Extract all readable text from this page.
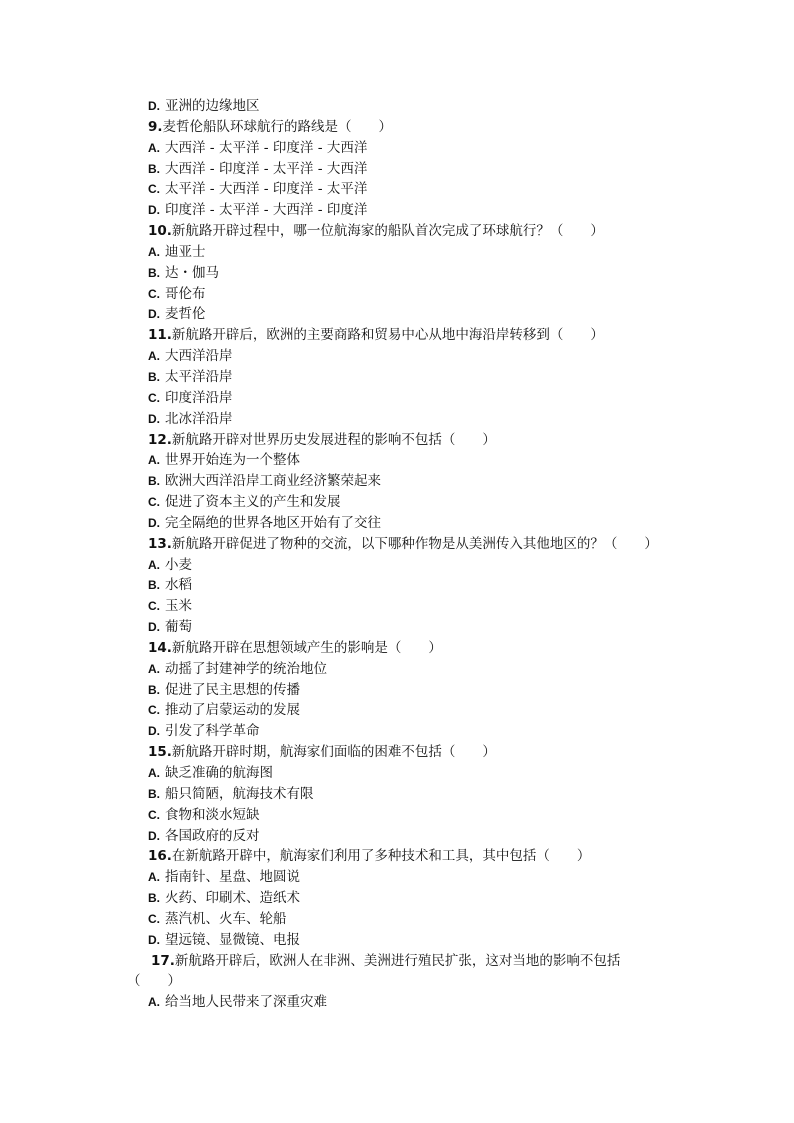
D. 亚洲的边缘地区
9.麦哲伦船队环球航行的路线是（　　）
A. 大西洋 - 太平洋 - 印度洋 - 大西洋
B. 大西洋 - 印度洋 - 太平洋 - 大西洋
C. 太平洋 - 大西洋 - 印度洋 - 太平洋
D. 印度洋 - 太平洋 - 大西洋 - 印度洋
10.新航路开辟过程中，哪一位航海家的船队首次完成了环球航行？（　　）
A. 迪亚士
B. 达・伽马
C. 哥伦布
D. 麦哲伦
11.新航路开辟后，欧洲的主要商路和贸易中心从地中海沿岸转移到（　　）
A. 大西洋沿岸
B. 太平洋沿岸
C. 印度洋沿岸
D. 北冰洋沿岸
12.新航路开辟对世界历史发展进程的影响不包括（　　）
A. 世界开始连为一个整体
B. 欧洲大西洋沿岸工商业经济繁荣起来
C. 促进了资本主义的产生和发展
D. 完全隔绝的世界各地区开始有了交往
13.新航路开辟促进了物种的交流，以下哪种作物是从美洲传入其他地区的？（　　）
A. 小麦
B. 水稻
C. 玉米
D. 葡萄
14.新航路开辟在思想领域产生的影响是（　　）
A. 动摇了封建神学的统治地位
B. 促进了民主思想的传播
C. 推动了启蒙运动的发展
D. 引发了科学革命
15.新航路开辟时期，航海家们面临的困难不包括（　　）
A. 缺乏准确的航海图
B. 船只简陋，航海技术有限
C. 食物和淡水短缺
D. 各国政府的反对
16.在新航路开辟中，航海家们利用了多种技术和工具，其中包括（　　）
A. 指南针、星盘、地圆说
B. 火药、印刷术、造纸术
C. 蒸汽机、火车、轮船
D. 望远镜、显微镜、电报
17.新航路开辟后，欧洲人在非洲、美洲进行殖民扩张，这对当地的影响不包括
（　　）
A. 给当地人民带来了深重灾难
